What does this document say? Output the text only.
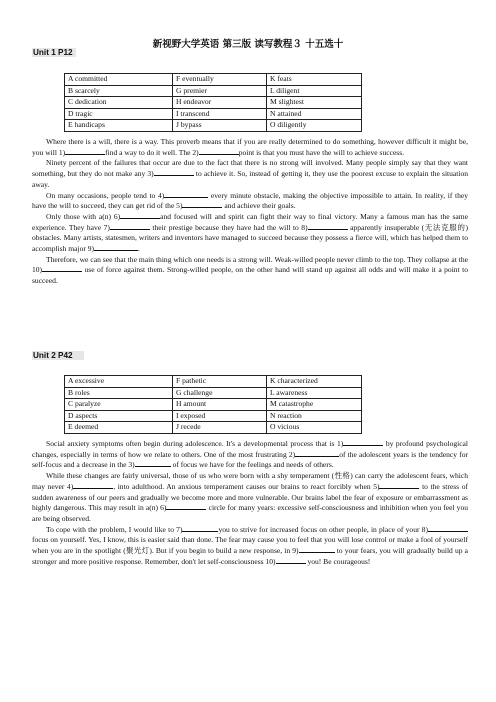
新视野大学英语 第三版 读写教程３ 十五选十
Unit 1 P12
A committed	F eventually	K feats
B scarcely	G premier	L diligent
C dedication	H endeavor	M slightest
D tragic	I transcend	N attained
E handicaps	J bypass	O diligently

Where there is a will, there is a way. This proverb means that if you are really determined to do something, however difficult it might be, you will 1)	find a way to do it well. The 2)	point is that you must have the will to achieve success.

Ninety percent of the failures that occur are due to the fact that there is no strong will involved. Many people simply say that they want something, but they do not make any 3)	to achieve it. So, instead of getting it, they use the poorest excuse to explain the situation away.

On many occasions, people tend to 4)	every minute obstacle, making the objective impossible to attain. In reality, if they have the will to succeed, they can get rid of the 5)	and achieve their goals.

Only those with a(n) 6)	and focused will and spirit can fight their way to final victory. Many a famous man has the same experience. They have 7)	their prestige because they have had the will to 8)	apparently insuperable (无法克服的) obstacles. Many artists, statesmen, writers and inventors have managed to succeed because they possess a fierce will, which has helped them to accomplish major 9)	.

Therefore, we can see that the main thing which one needs is a strong will. Weak-willed people never climb to the top. They collapse at the 10)	use of force against them. Strong-willed people, on the other hand will stand up against all odds and will make it a point to succeed.

Unit 2 P42
A excessive	F pathetic	K characterized
B roles	G challenge	L awareness
C paralyze	H amount	M catastrophe
D aspects	I exposed	N reaction
E deemed	J recede	O vicious

Social anxiety symptoms often begin during adolescence. It's a developmental process that is 1)	by profound psychological changes, especially in terms of how we relate to others. One of the most frustrating 2)	of the adolescent years is the tendency for self-focus and a decrease in the 3)	of focus we have for the feelings and needs of others.

While these changes are fairly universal, those of us who were born with a shy temperament (性格) can carry the adolescent fears, which may never 4)	, into adulthood. An anxious temperament causes our brains to react forcibly when 5)	to the stress of sudden awareness of our peers and gradually we become more and more vulnerable. Our brains label the fear of exposure or embarrassment as highly dangerous. This may result in a(n) 6)	circle for many years: excessive self-consciousness and inhibition when you feel you are being observed.

To cope with the problem, I would like to 7)	you to strive for increased focus on other people, in place of your 8) focus on yourself. Yes, I know, this is easier said than done. The fear may cause you to feel that you will lose control or make a fool of yourself when you are in the spotlight (聚光灯). But if you begin to build a new response, in 9)	to your fears, you will gradually build up a stronger and more positive response. Remember, don't let self-consciousness 10)	you! Be courageous!
